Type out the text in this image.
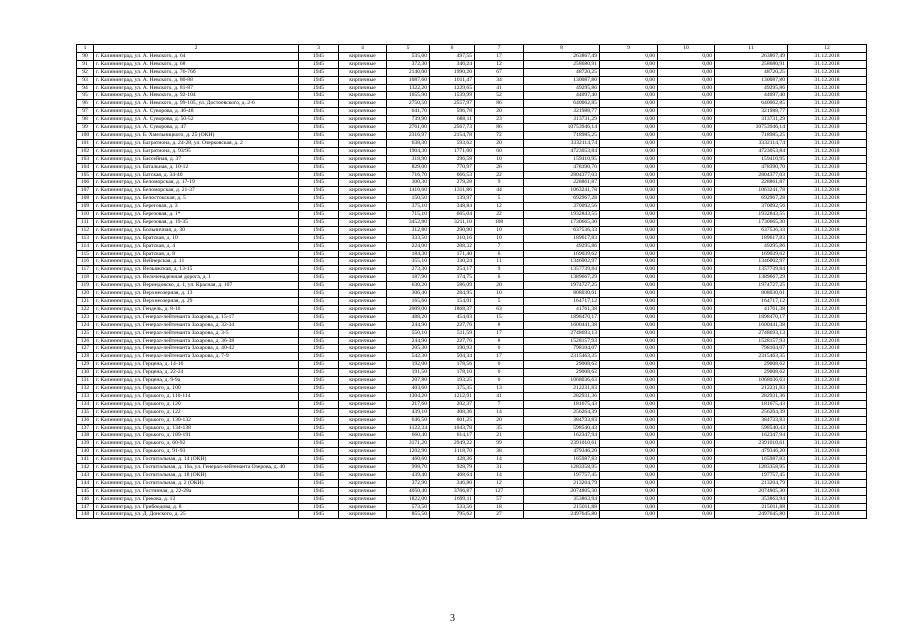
1	2	3	4	5	6	7	8	9	10	11	12
90	г. Калининград, ул. А. Невского, д. 64	1945	кирпичные	535,00	497,55	17	263867,49	0,00	0,00	263867,49	31.12.2018
91	г. Калининград, ул. А. Невского, д. 68	1945	кирпичные	372,30	346,24	12	258680,91	0,00	0,00	258680,91	31.12.2018
92	г. Калининград, ул. А. Невского, д. 76-76б	1945	кирпичные	2140,00	1990,20	67	48720,25	0,00	0,00	48720,25	31.12.2018
93	г. Калининград, ул. А. Невского, д. 80-88	1945	кирпичные	1087,60	1011,47	34	130087,80	0,00	0,00	130087,80	31.12.2018
94	г. Калининград, ул. А. Невского, д. 81-87	1945	кирпичные	1322,20	1229,65	41	49295,86	0,00	0,00	49295,86	31.12.2018
95	г. Калининград, ул. А. Невского, д. 92-104	1945	кирпичные	1655,90	1539,99	52	44097,40	0,00	0,00	44097,40	31.12.2018
96	г. Калининград, ул. А. Невского, д. 99-105, ул. Достоевского, д. 2-6	1945	кирпичные	2750,50	2557,97	86	640062,85	0,00	0,00	640062,85	31.12.2018
97	г. Калининград, ул. А. Суворова, д. 46-48	1945	кирпичные	641,70	596,78	20	321988,77	0,00	0,00	321988,77	31.12.2018
98	г. Калининград, ул. А. Суворова, д. 50-52	1945	кирпичные	739,90	688,11	23	313731,29	0,00	0,00	313731,29	31.12.2018
99	г. Калининград, ул. А. Суворова, д. 47	1945	кирпичные	2761,00	2567,73	86	10753946,14	0,00	0,00	10753946,14	31.12.2018
100	г. Калининград, ул. Б. Хмельницкого, д. 25 (ОКН)	1945	кирпичные	2316,97	2154,78	72	718985,25	0,00	0,00	718985,25	31.12.2018
101	г. Калининград, ул. Багратиона, д. 24-28, ул. Озерковская, д. 2	1945	кирпичные	638,30	593,62	20	3332114,74	0,00	0,00	3332114,74	31.12.2018
102	г. Калининград, ул. Багратиона, д. 93/95	1945	кирпичные	1904,30	1771,00	60	4723053,84	0,00	0,00	4723053,84	31.12.2018
103	г. Калининград, ул. Бассейная, д. 37	1945	кирпичные	318,90	296,58	10	159410,95	0,00	0,00	159410,95	31.12.2018
104	г. Калининград, ул. Батальная, д. 10-12	1945	кирпичные	829,00	770,97	26	478390,70	0,00	0,00	478390,70	31.12.2018
105	г. Калининград, ул. Батская, д. 34-40	1945	кирпичные	716,70	666,53	22	2804377,03	0,00	0,00	2804377,03	31.12.2018
106	г. Калининград, ул. Беломорская, д. 17-19	1945	кирпичные	300,30	279,28	9	228861,87	0,00	0,00	228861,87	31.12.2018
107	г. Калининград, ул. Беломорская, д. 21-37	1945	кирпичные	1410,60	1311,86	44	1063241,78	0,00	0,00	1063241,78	31.12.2018
108	г. Калининград, ул. Белостокская, д. 5	1945	кирпичные	150,50	139,97	5	692967,28	0,00	0,00	692967,28	31.12.2018
109	г. Калининград, ул. Береговая, д. 3	1945	кирпичные	375,10	348,84	12	370092,56	0,00	0,00	370092,56	31.12.2018
110	г. Калининград, ул. Березовая, д. 1*	1945	кирпичные	715,10	665,04	22	1932843,55	0,00	0,00	1932843,55	31.12.2018
111	г. Калининград, ул. Березовая, д. 19-35	1945	кирпичные	3452,80	3211,10	108	1730665,30	0,00	0,00	1730665,30	31.12.2018
112	г. Калининград, ул. Больничная, д. 30	1945	кирпичные	312,80	290,90	10	637536,33	0,00	0,00	637536,33	31.12.2018
113	г. Калининград, ул. Братская, д. 10	1945	кирпичные	333,50	310,16	10	189617,83	0,00	0,00	189617,83	31.12.2018
114	г. Калининград, ул. Братская, д. 4	1945	кирпичные	224,00	208,32	7	49295,86	0,00	0,00	49295,86	31.12.2018
115	г. Калининград, ул. Братская, д. 8	1945	кирпичные	184,30	171,40	6	169039,62	0,00	0,00	169039,62	31.12.2018
116	г. Калининград, ул. Вейнерская, д. 11	1945	кирпичные	355,10	330,24	11	1346002,97	0,00	0,00	1346002,97	31.12.2018
117	г. Калининград, ул. Вельяжская, д. 13-15	1945	кирпичные	273,30	254,17	9	1357739,84	0,00	0,00	1357739,84	31.12.2018
118	г. Калининград, ул. Велоченадежная дорога, д. 1	1945	кирпичные	187,90	174,75	6	1389667,29	0,00	0,00	1389667,29	31.12.2018
119	г. Калининград, ул. Вериндовско, д. 1, ул. Красная, д. 107	1945	кирпичные	630,20	586,09	20	1974727,25	0,00	0,00	1974727,25	31.12.2018
120	г. Калининград, ул. Верхнеозерная, д. 13	1945	кирпичные	306,40	284,95	10	808030,01	0,00	0,00	808030,01	31.12.2018
121	г. Калининград, ул. Верхнеозерная, д. 29	1945	кирпичные	165,60	154,01	5	164717,12	0,00	0,00	164717,12	31.12.2018
122	г. Калининград, ул. Гендель, д. 8-16	1945	кирпичные	2009,00	1868,37	63	41761,38	0,00	0,00	41761,38	31.12.2018
123	г. Калининград, ул. Генерал-лейтенанта Захарова, д. 15-17	1945	кирпичные	488,20	454,03	15	1898470,17	0,00	0,00	1898470,17	31.12.2018
124	г. Калининград, ул. Генерал-лейтенанта Захарова, д. 32-34	1945	кирпичные	244,90	227,76	8	1600441,38	0,00	0,00	1600441,38	31.12.2018
125	г. Калининград, ул. Генерал-лейтенанта Захарова, д. 3-5	1945	кирпичные	550,10	511,59	17	2748693,13	0,00	0,00	2748693,13	31.12.2018
126	г. Калининград, ул. Генерал-лейтенанта Захарова, д. 36-38	1945	кирпичные	244,90	227,76	8	1528157,93	0,00	0,00	1528157,93	31.12.2018
127	г. Калининград, ул. Генерал-лейтенанта Захарова, д. 40-42	1945	кирпичные	205,30	190,93	6	798104,07	0,00	0,00	798104,07	31.12.2018
128	г. Калининград, ул. Генерал-лейтенанта Захарова, д. 7-9	1945	кирпичные	542,30	504,34	17	2315463,35	0,00	0,00	2315463,35	31.12.2018
129	г. Калининград, ул. Герцена, д. 14-16	1945	кирпичные	192,00	178,56	6	29008,62	0,00	0,00	29008,62	31.12.2018
130	г. Калининград, ул. Герцена, д. 22-24	1945	кирпичные	191,50	178,10	6	29008,62	0,00	0,00	29008,62	31.12.2018
131	г. Калининград, ул. Герцена, д. 9-9а	1945	кирпичные	207,80	193,25	6	1068036,63	0,00	0,00	1068036,63	31.12.2018
132	г. Калининград, ул. Горького, д. 100	1945	кирпичные	403,60	375,35	13	212231,83	0,00	0,00	212231,83	31.12.2018
133	г. Калининград, ул. Горького, д. 110-114	1945	кирпичные	1304,20	1212,91	41	282931,36	0,00	0,00	282931,36	31.12.2018
134	г. Калининград, ул. Горького, д. 120	1945	кирпичные	217,60	202,37	7	181675,43	0,00	0,00	181675,43	31.12.2018
135	г. Калининград, ул. Горького, д. 122	1945	кирпичные	439,10	408,36	14	256264,39	0,00	0,00	256264,39	31.12.2018
136	г. Калининград, ул. Горького, д. 130-132	1945	кирпичные	646,50	601,25	20	384733,83	0,00	0,00	384733,83	31.12.2018
137	г. Калининград, ул. Горького, д. 134-138	1945	кирпичные	1122,34	1043,78	35	598540,43	0,00	0,00	598540,43	31.12.2018
138	г. Калининград, ул. Горького, д. 189-191	1945	кирпичные	660,40	614,17	21	162347,94	0,00	0,00	162347,94	31.12.2018
139	г. Калининград, ул. Горького, д. 60-92	1945	кирпичные	3171,20	2949,22	99	2391010,61	0,00	0,00	2391010,61	31.12.2018
140	г. Калининград, ул. Горького, д. 91-93	1945	кирпичные	1202,90	1118,70	38	479346,20	0,00	0,00	479346,20	31.12.2018
141	г. Калининград, ул. Госпитальная, д. 14 (ОКН)	1945	кирпичные	460,60	428,36	14	165987,83	0,00	0,00	165987,83	31.12.2018
142	г. Калининград, ул. Госпитальная, д. 16а, ул. Генерал-лейтенанта Озерова, д. 40	1945	кирпичные	998,70	928,79	31	1283358,95	0,00	0,00	1283358,95	31.12.2018
143	г. Калининград, ул. Госпитальная, д. 18 (ОКН)	1945	кирпичные	439,40	408,64	14	197757,45	0,00	0,00	197757,45	31.12.2018
144	г. Калининград, ул. Госпитальная, д. 2 (ОКН)	1945	кирпичные	372,90	346,80	12	213204,79	0,00	0,00	213204,79	31.12.2018
145	г. Калининград, ул. Гостинная, д. 22-28а	1945	кирпичные	4050,40	3766,87	127	2074805,30	0,00	0,00	2074805,30	31.12.2018
146	г. Калининград, ул. Грекова, д. 12	1945	кирпичные	1822,00	1699,11	57	353863,94	0,00	0,00	353863,94	31.12.2018
147	г. Калининград, ул. Грибоедова, д. 8	1945	кирпичные	573,50	533,56	18	215011,88	0,00	0,00	215011,88	31.12.2018
148	г. Калининград, ул. Д. Донского, д. 25	1945	кирпичные	855,50	795,62	27	2497645,80	0,00	0,00	2497645,80	31.12.2018
3
